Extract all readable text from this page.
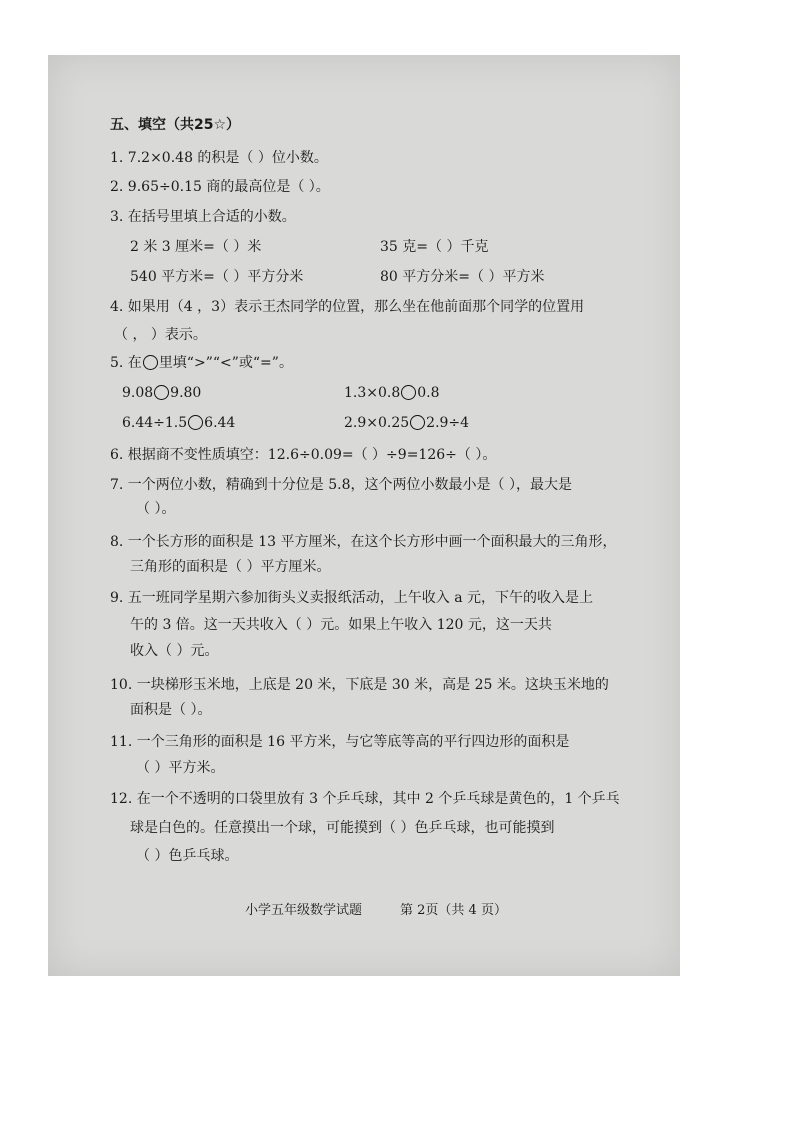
五、填空（共25☆）
1. 7.2×0.48 的积是（ ）位小数。
2. 9.65÷0.15 商的最高位是（ ）。
3. 在括号里填上合适的小数。
2 米 3 厘米=（ ）米	35 克=（ ）千克
540 平方米=（ ）平方分米	80 平方分米=（ ）平方米
4. 如果用（4 ，3）表示王杰同学的位置，那么坐在他前面那个同学的位置用
（ ， ）表示。
5. 在 里填“>”“<”或“=”。
9.08 9.80	1.3×0.8 0.8
6.44÷1.5 6.44	2.9×0.25 2.9÷4
6. 根据商不变性质填空：12.6÷0.09=（ ）÷9=126÷（ ）。
7. 一个两位小数，精确到十分位是 5.8，这个两位小数最小是（ ），最大是
（ ）。
8. 一个长方形的面积是 13 平方厘米，在这个长方形中画一个面积最大的三角形，
三角形的面积是（ ）平方厘米。
9. 五一班同学星期六参加街头义卖报纸活动，上午收入 a 元，下午的收入是上
午的 3 倍。这一天共收入（ ）元。如果上午收入 120 元，这一天共
收入（ ）元。
10. 一块梯形玉米地，上底是 20 米，下底是 30 米，高是 25 米。这块玉米地的
面积是（ ）。
11. 一个三角形的面积是 16 平方米，与它等底等高的平行四边形的面积是
（ ）平方米。
12. 在一个不透明的口袋里放有 3 个乒乓球，其中 2 个乒乓球是黄色的，1 个乒乓
球是白色的。任意摸出一个球，可能摸到（ ）色乒乓球，也可能摸到
（ ）色乒乓球。
小学五年级数学试题	第 2页（共 4 页）
